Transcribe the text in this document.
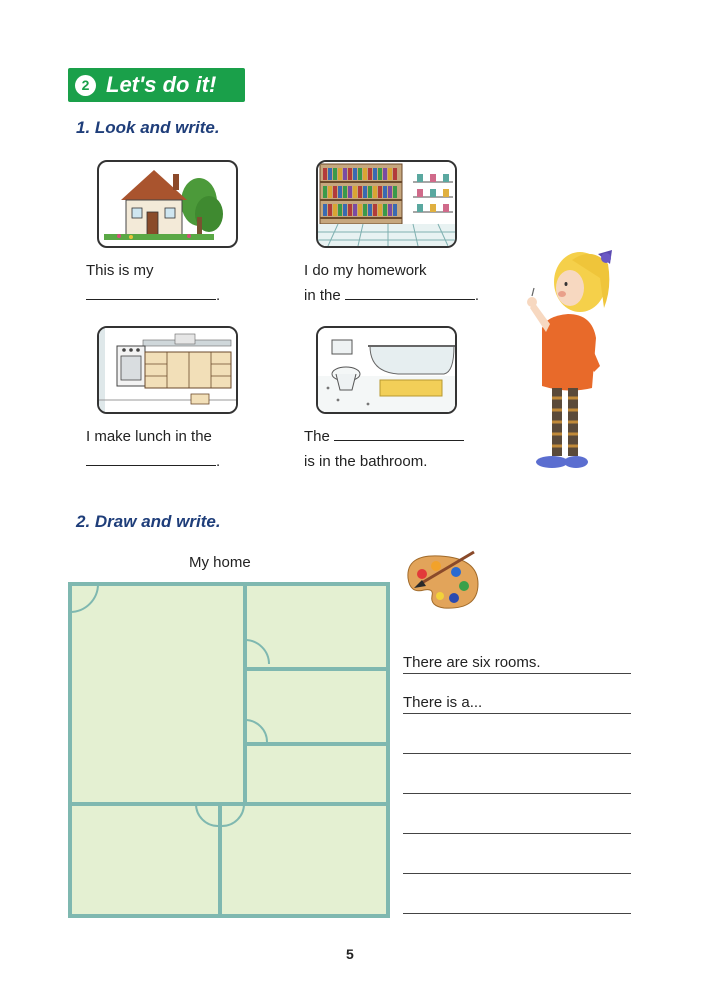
2 Let's do it!
1. Look and write.
This is my
.
I do my homework
in the	.
I make lunch in the
.
The
is in the bathroom.
2. Draw and write.
My home
There are six rooms.
There is a...
5
